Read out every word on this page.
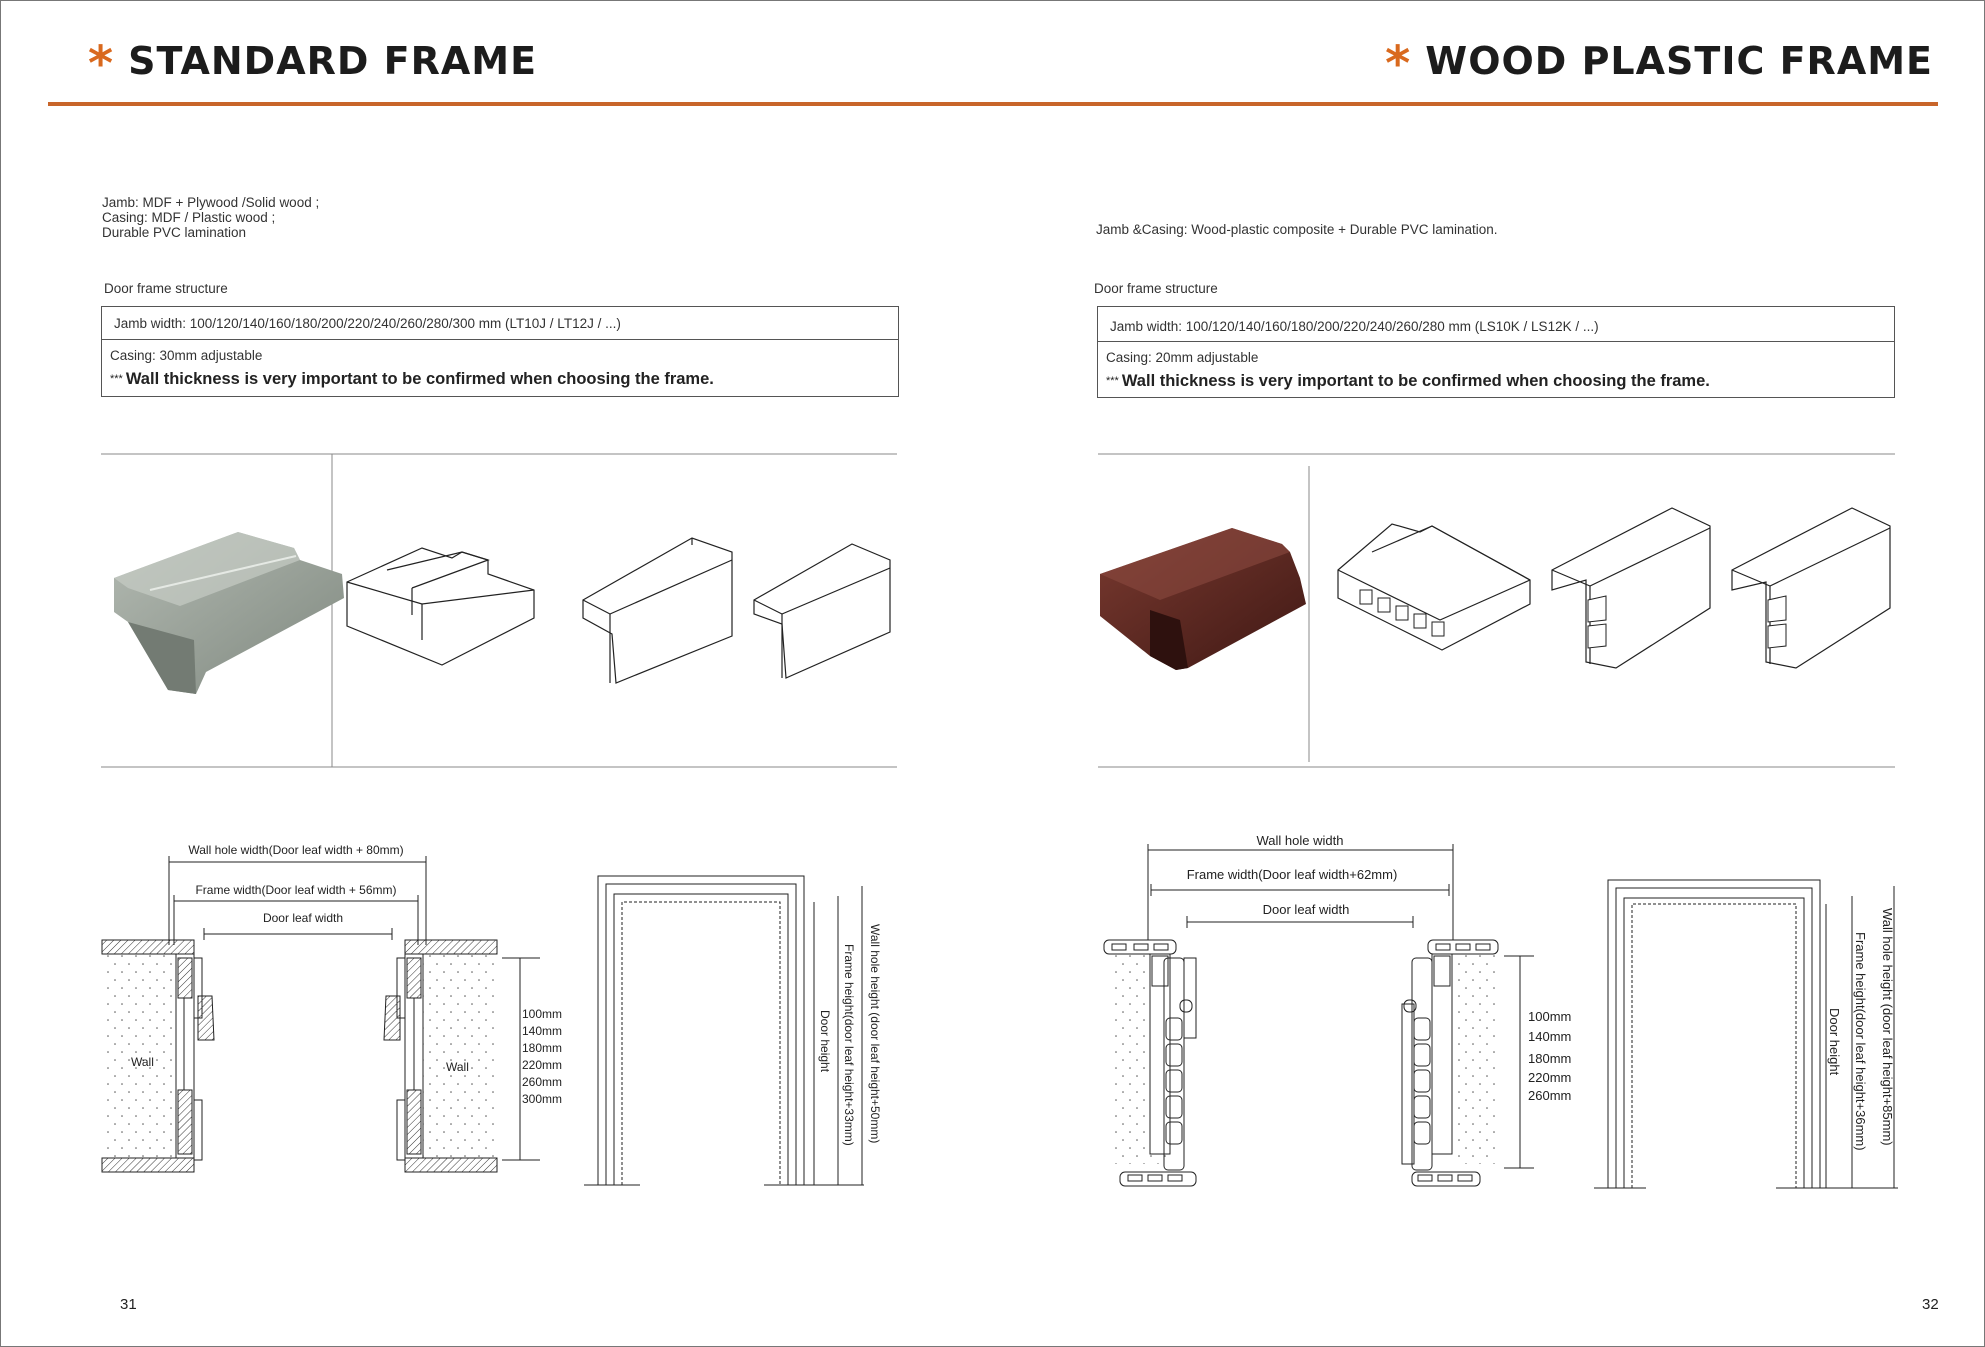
* STANDARD FRAME	* WOOD PLASTIC FRAME
Jamb: MDF + Plywood /Solid wood ;
Casing: MDF / Plastic wood ;
Durable PVC lamination	Jamb &Casing: Wood-plastic composite + Durable PVC lamination.
Door frame structure	Door frame structure
Jamb width: 100/120/140/160/180/200/220/240/260/280/300 mm (LT10J / LT12J / ...)
Casing: 30mm adjustable
*** Wall thickness is very important to be confirmed when choosing the frame.
Jamb width: 100/120/140/160/180/200/220/240/260/280 mm (LS10K / LS12K / ...)
Casing: 20mm adjustable
*** Wall thickness is very important to be confirmed when choosing the frame.
Wall hole width(Door leaf width + 80mm)
Frame width(Door leaf width + 56mm)
Door leaf width
Wall	Wall
100mm
140mm
180mm
220mm
260mm
300mm	Wall hole height (door leaf height+50mm)
Frame height(door leaf height+33mm)
Door height
Wall hole width
Frame width(Door leaf width+62mm)
Door leaf width
100mm
140mm
180mm
220mm
260mm	Wall hole height (door leaf height+85mm)
Frame height(door leaf height+36mm)
Door height
31	32
